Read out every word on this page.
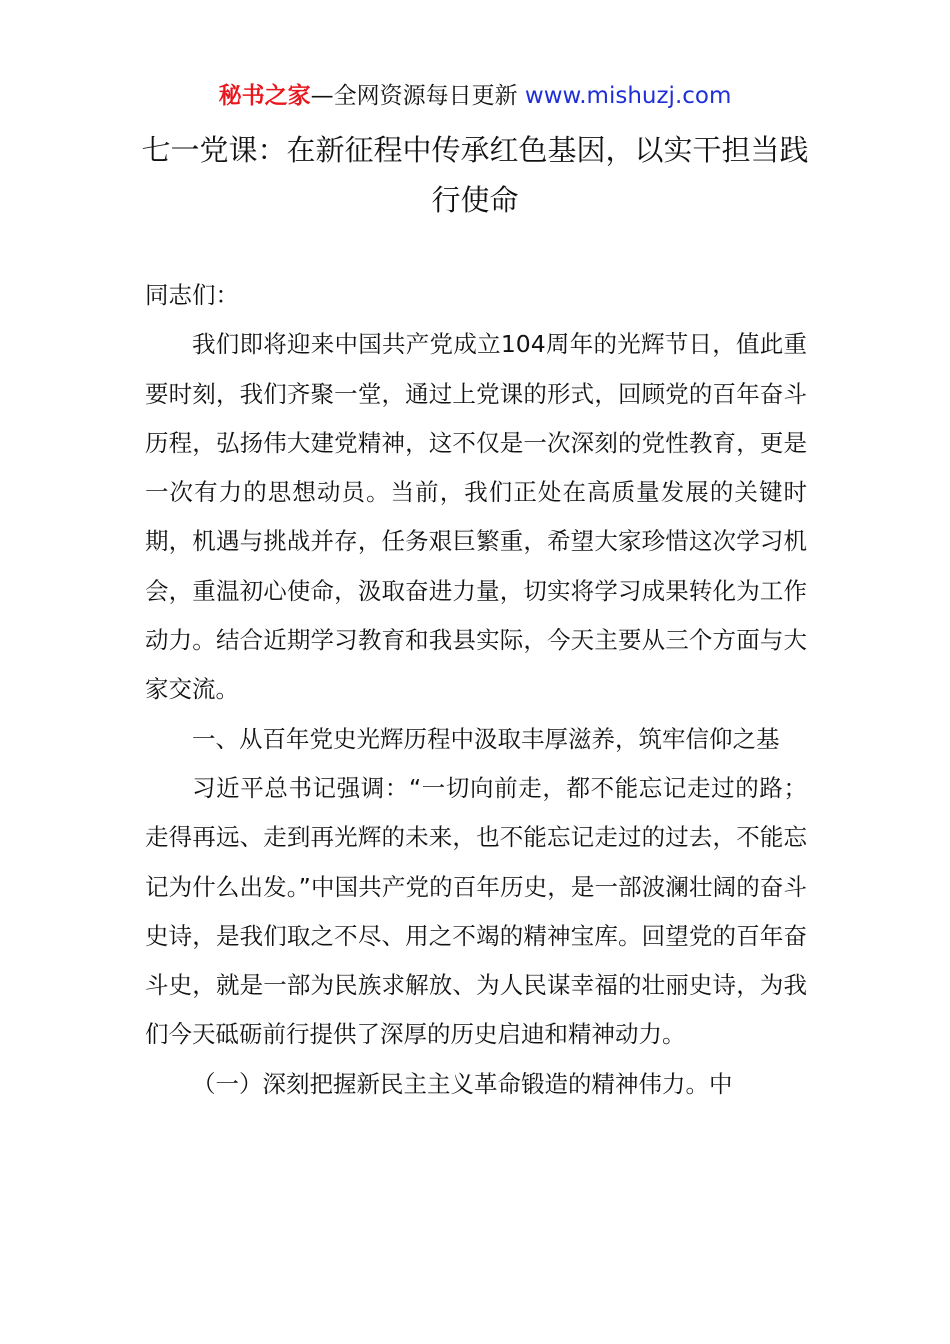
秘书之家—全网资源每日更新 www.mishuzj.com
七一党课：在新征程中传承红色基因，以实干担当践行使命

同志们：

我们即将迎来中国共产党成立104周年的光辉节日，值此重要时刻，我们齐聚一堂，通过上党课的形式，回顾党的百年奋斗历程，弘扬伟大建党精神，这不仅是一次深刻的党性教育，更是一次有力的思想动员。当前，我们正处在高质量发展的关键时期，机遇与挑战并存，任务艰巨繁重，希望大家珍惜这次学习机会，重温初心使命，汲取奋进力量，切实将学习成果转化为工作动力。结合近期学习教育和我县实际，今天主要从三个方面与大家交流。

一、从百年党史光辉历程中汲取丰厚滋养，筑牢信仰之基

习近平总书记强调：“一切向前走，都不能忘记走过的路；走得再远、走到再光辉的未来，也不能忘记走过的过去，不能忘记为什么出发。”中国共产党的百年历史，是一部波澜壮阔的奋斗史诗，是我们取之不尽、用之不竭的精神宝库。回望党的百年奋斗史，就是一部为民族求解放、为人民谋幸福的壮丽史诗，为我们今天砥砺前行提供了深厚的历史启迪和精神动力。

（一）深刻把握新民主主义革命锻造的精神伟力。中
